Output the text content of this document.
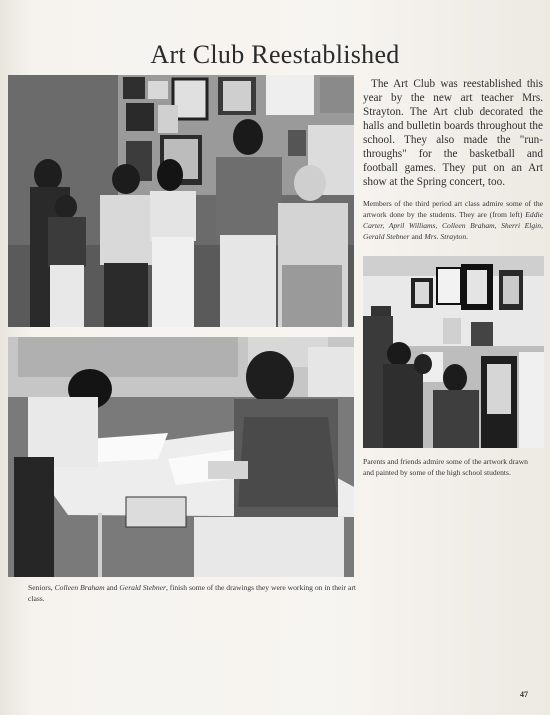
Art Club Reestablished
The Art Club was reestablished this year by the new art teacher Mrs. Strayton. The Art club decorated the halls and bulletin boards throughout the school. They also made the "run-throughs" for the basketball and football games. They put on an Art show at the Spring concert, too.
Members of the third period art class admire some of the artwork done by the students. They are (from left) Eddie Carter, April Williams, Colleen Braham, Sherri Elgin, Gerald Stebner and Mrs. Strayton.
Parents and friends admire some of the artwork drawn and painted by some of the high school students.
Seniors, Colleen Braham and Gerald Stebner, finish some of the drawings they were working on in their art class.
47
